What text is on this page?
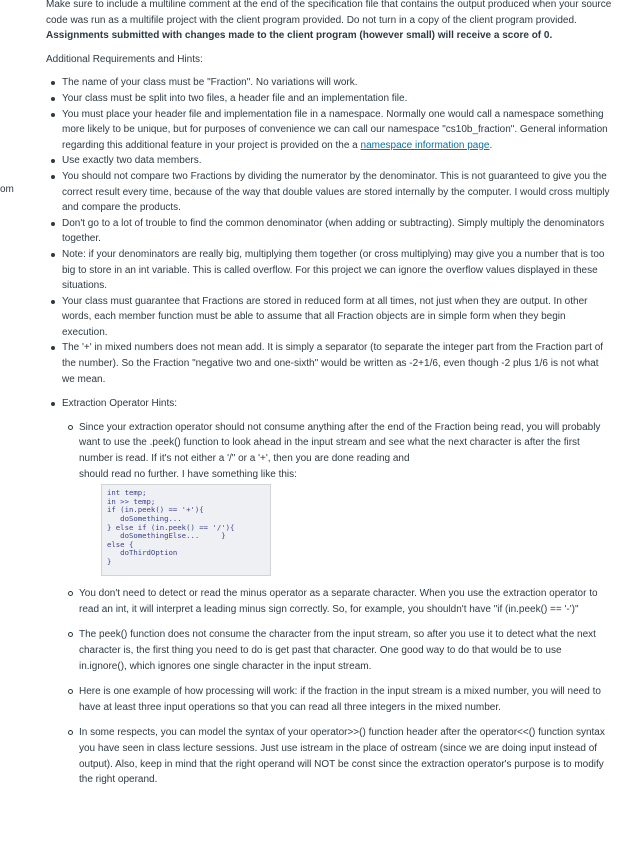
om

Make sure to include a multiline comment at the end of the specification file that contains the output produced when your source code was run as a multifile project with the client program provided. Do not turn in a copy of the client program provided.

Assignments submitted with changes made to the client program (however small) will receive a score of 0.

Additional Requirements and Hints:

The name of your class must be "Fraction". No variations will work.
Your class must be split into two files, a header file and an implementation file.
You must place your header file and implementation file in a namespace. Normally one would call a namespace something more likely to be unique, but for purposes of convenience we can call our namespace "cs10b_fraction". General information regarding this additional feature in your project is provided on the a namespace information page.
Use exactly two data members.
You should not compare two Fractions by dividing the numerator by the denominator. This is not guaranteed to give you the correct result every time, because of the way that double values are stored internally by the computer. I would cross multiply and compare the products.
Don't go to a lot of trouble to find the common denominator (when adding or subtracting). Simply multiply the denominators together.
Note: if your denominators are really big, multiplying them together (or cross multiplying) may give you a number that is too big to store in an int variable. This is called overflow. For this project we can ignore the overflow values displayed in these situations.
Your class must guarantee that Fractions are stored in reduced form at all times, not just when they are output. In other words, each member function must be able to assume that all Fraction objects are in simple form when they begin execution.
The '+' in mixed numbers does not mean add. It is simply a separator (to separate the integer part from the Fraction part of the number). So the Fraction "negative two and one-sixth" would be written as -2+1/6, even though -2 plus 1/6 is not what we mean.
Extraction Operator Hints:
Since your extraction operator should not consume anything after the end of the Fraction being read, you will probably want to use the .peek() function to look ahead in the input stream and see what the next character is after the first number is read. If it's not either a '/" or a '+', then you are done reading and
should read no further. I have something like this:
int temp;
in >> temp;
if (in.peek() == '+'){
doSomething...
} else if (in.peek() == '/'){
doSomethingElse...     }
else {
doThirdOption
}
You don't need to detect or read the minus operator as a separate character. When you use the extraction operator to read an int, it will interpret a leading minus sign correctly. So, for example, you shouldn't have "if (in.peek() == '-')"
The peek() function does not consume the character from the input stream, so after you use it to detect what the next character is, the first thing you need to do is get past that character. One good way to do that would be to use in.ignore(), which ignores one single character in the input stream.
Here is one example of how processing will work: if the fraction in the input stream is a mixed number, you will need to have at least three input operations so that you can read all three integers in the mixed number.
In some respects, you can model the syntax of your operator>>() function header after the operator<<() function syntax you have seen in class lecture sessions. Just use istream in the place of ostream (since we are doing input instead of output). Also, keep in mind that the right operand will NOT be const since the extraction operator's purpose is to modify the right operand.
